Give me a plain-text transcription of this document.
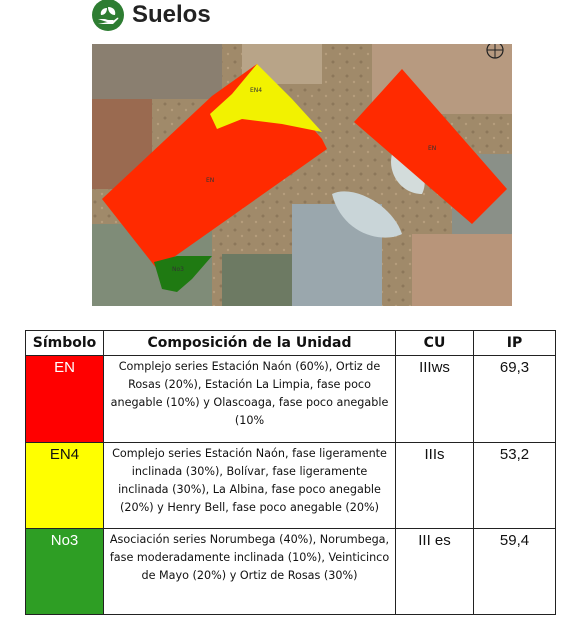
Suelos
EN4
EN
EN
No3
Símbolo	Composición de la Unidad	CU	IP
EN	Complejo series Estación Naón (60%), Ortiz de Rosas (20%), Estación La Limpia, fase poco anegable (10%) y Olascoaga, fase poco anegable (10%	IIIws	69,3
EN4	Complejo series Estación Naón, fase ligeramente inclinada (30%), Bolívar, fase ligeramente inclinada (30%), La Albina, fase poco anegable (20%) y Henry Bell, fase poco anegable (20%)	IIIs	53,2
No3	Asociación series Norumbega (40%), Norumbega, fase moderadamente inclinada (10%), Veinticinco de Mayo (20%) y Ortiz de Rosas (30%)	III es	59,4
